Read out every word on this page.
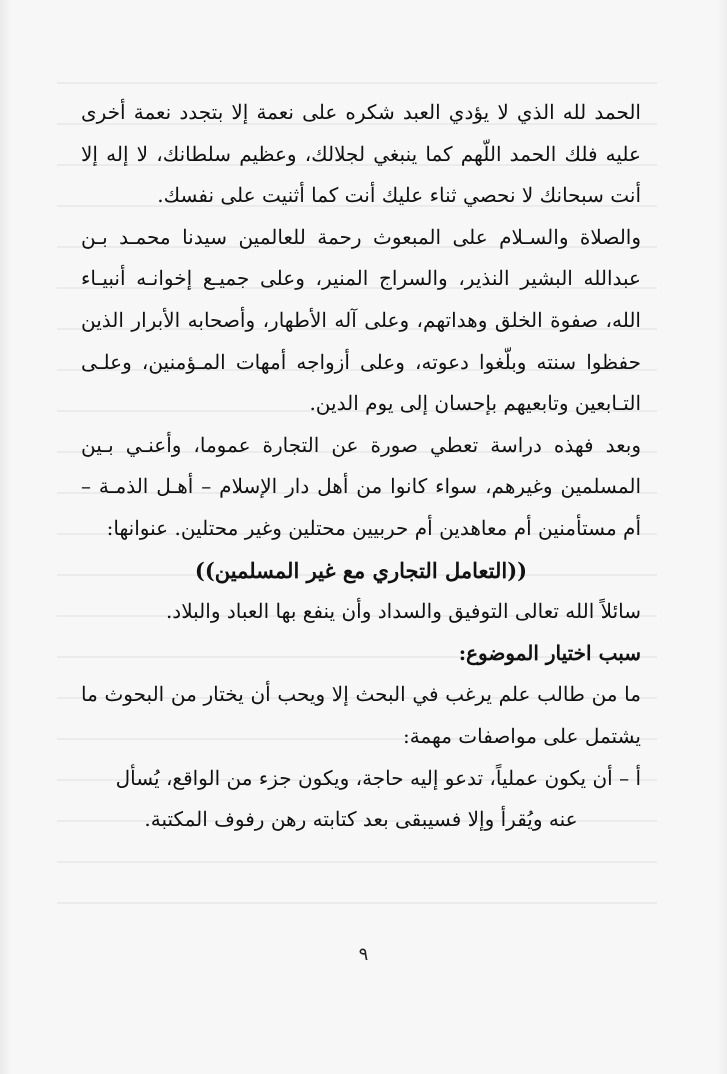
الحمد لله الذي لا يؤدي العبد شكره على نعمة إلا بتجدد نعمة أخرى عليه فلك الحمد اللّهم كما ينبغي لجلالك، وعظيم سلطانك، لا إله إلا أنت سبحانك لا نحصي ثناء عليك أنت كما أثنيت على نفسك.

والصلاة والسـلام على المبعوث رحمة للعالمين سيدنا محمـد بـن عبدالله البشير النذير، والسراج المنير، وعلى جميـع إخوانـه أنبيـاء الله، صفوة الخلق وهداتهم، وعلى آله الأطهار، وأصحابه الأبرار الذين حفظوا سنته وبلّغوا دعوته، وعلى أزواجه أمهات المـؤمنين، وعلـى التـابعين وتابعيهم بإحسان إلى يوم الدين.

وبعد فهذه دراسة تعطي صورة عن التجارة عموما، وأعنـي بـين المسلمين وغيرهم، سواء كانوا من أهل دار الإسلام – أهـل الذمـة – أم مستأمنين أم معاهدين أم حربيين محتلين وغير محتلين. عنوانها:

((التعامل التجاري مع غير المسلمين))

سائلاً الله تعالى التوفيق والسداد وأن ينفع بها العباد والبلاد.

سبب اختيار الموضوع:

ما من طالب علم يرغب في البحث إلا ويحب أن يختار من البحوث ما يشتمل على مواصفات مهمة:

أ – أن يكون عملياً، تدعو إليه حاجة، ويكون جزء من الواقع، يُسأل
عنه ويُقرأ وإلا فسيبقى بعد كتابته رهن رفوف المكتبة.

٩
